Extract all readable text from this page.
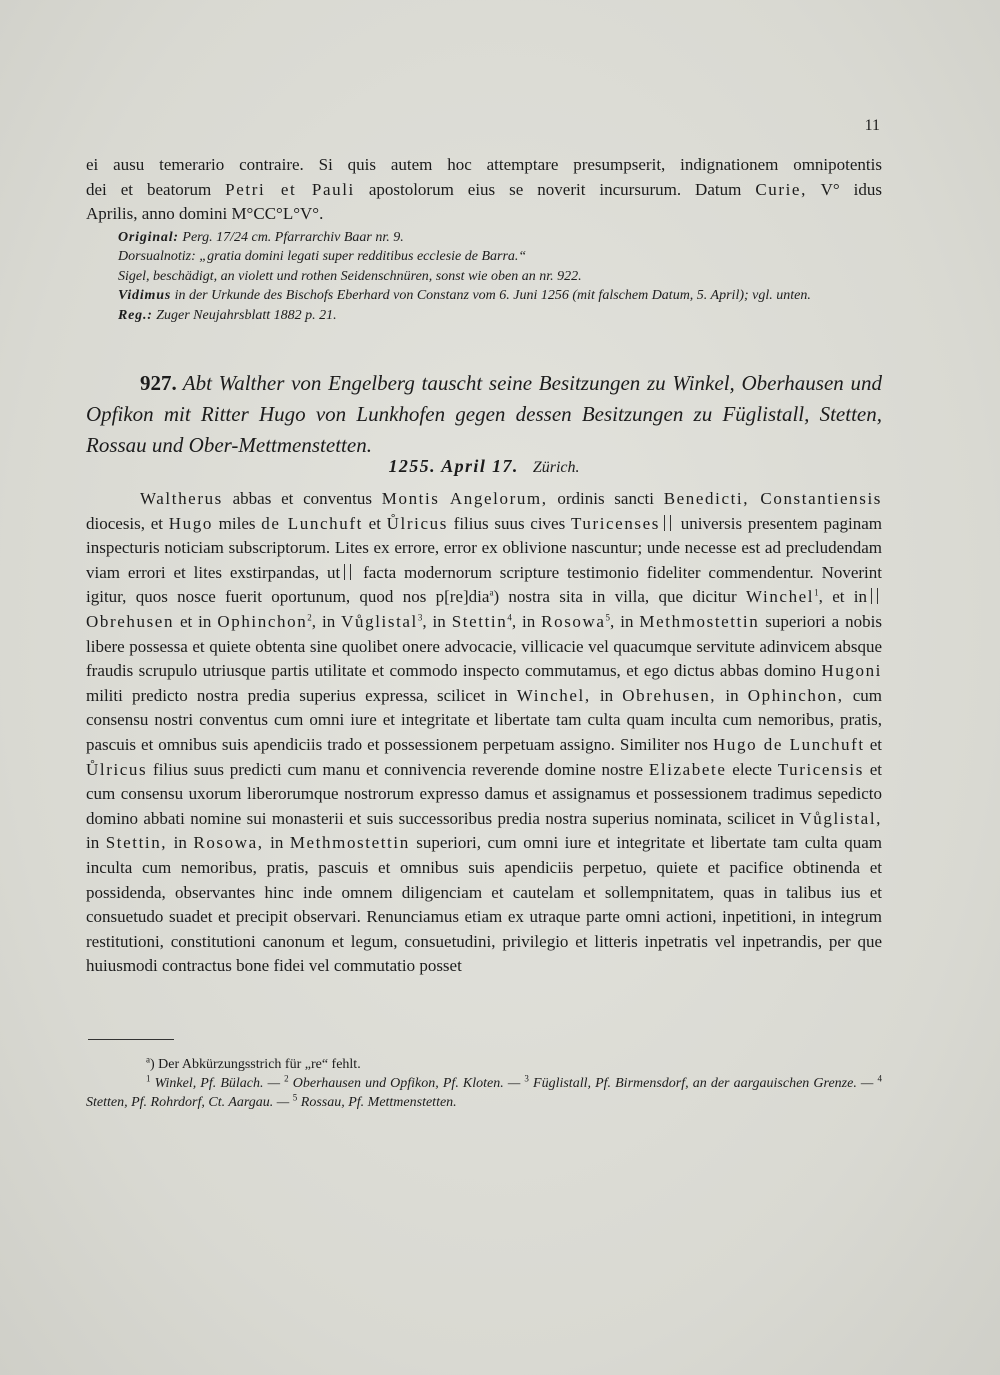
11

ei ausu temerario contraire. Si quis autem hoc attemptare presumpserit, indignationem omnipotentis

dei et beatorum Petri et Pauli apostolorum eius se noverit incursurum. Datum Curie, V° idus

Aprilis, anno domini M°CC°L°V°.

Original: Perg. 17/24 cm. Pfarrarchiv Baar nr. 9.

Dorsualnotiz: „gratia domini legati super redditibus ecclesie de Barra.“

Sigel, beschädigt, an violett und rothen Seidenschnüren, sonst wie oben an nr. 922.

Vidimus in der Urkunde des Bischofs Eberhard von Constanz vom 6. Juni 1256 (mit falschem Datum, 5. April); vgl. unten.

Reg.: Zuger Neujahrsblatt 1882 p. 21.

927. Abt Walther von Engelberg tauscht seine Besitzungen zu Winkel, Oberhausen und Opfikon mit Ritter Hugo von Lunkhofen gegen dessen Besitzungen zu Füglistall, Stetten, Rossau und Ober-Mettmenstetten.
1255. April 17. Zürich.

Waltherus abbas et conventus Montis Angelorum, ordinis sancti Benedicti, Constantiensis diocesis, et Hugo miles de Lunchuft et Ůlricus filius suus cives Turicenses universis presentem paginam inspecturis noticiam subscriptorum. Lites ex errore, error ex oblivione nascuntur; unde necesse est ad precludendam viam errori et lites exstirpandas, ut facta modernorum scripture testimonio fideliter commendentur. Noverint igitur, quos nosce fuerit oportunum, quod nos p[re]dia$^a$) nostra sita in villa, que dicitur Winchel$^1$, et inObrehusen et in Ophinchon$^2$, in Vůglistal$^3$, in Stettin$^4$, in Rosowa$^5$, in Methmostettin superiori a nobis libere possessa et quiete obtenta sine quolibet onere advocacie, villicacie vel quacumque servitute adinvicem absque fraudis scrupulo utriusque partis utilitate et commodo inspecto commutamus, et ego dictus abbas domino Hugoni militi predicto nostra predia superius expressa, scilicet in Winchel, in Obrehusen, in Ophinchon, cum consensu nostri conventus cum omni iure et integritate et libertate tam culta quam inculta cum nemoribus, pratis, pascuis et omnibus suis apendiciis trado et possessionem perpetuam assigno. Similiter nos Hugo de Lunchuft et Ůlricus filius suus predicti cum manu et connivencia reverende domine nostre Elizabete electe Turicensis et cum consensu uxorum liberorumque nostrorum expresso damus et assignamus et possessionem tradimus sepedicto domino abbati nomine sui monasterii et suis successoribus predia nostra superius nominata, scilicet in Vůglistal, in Stettin, in Rosowa, in Methmostettin superiori, cum omni iure et integritate et libertate tam culta quam inculta cum nemoribus, pratis, pascuis et omnibus suis apendiciis perpetuo, quiete et pacifice obtinenda et possidenda, observantes hinc inde omnem diligenciam et cautelam et sollempnitatem, quas in talibus ius et consuetudo suadet et precipit observari. Renunciamus etiam ex utraque parte omni actioni, inpetitioni, in integrum restitutioni, constitutioni canonum et legum, consuetudini, privilegio et litteris inpetratis vel inpetrandis, per que huiusmodi contractus bone fidei vel commutatio posset

$^a$) Der Abkürzungsstrich für „re“ fehlt.

$^1$ Winkel, Pf. Bülach. — $^2$ Oberhausen und Opfikon, Pf. Kloten. — $^3$ Füglistall, Pf. Birmensdorf, an der aargauischen Grenze. — $^4$ Stetten, Pf. Rohrdorf, Ct. Aargau. — $^5$ Rossau, Pf. Mettmenstetten.
